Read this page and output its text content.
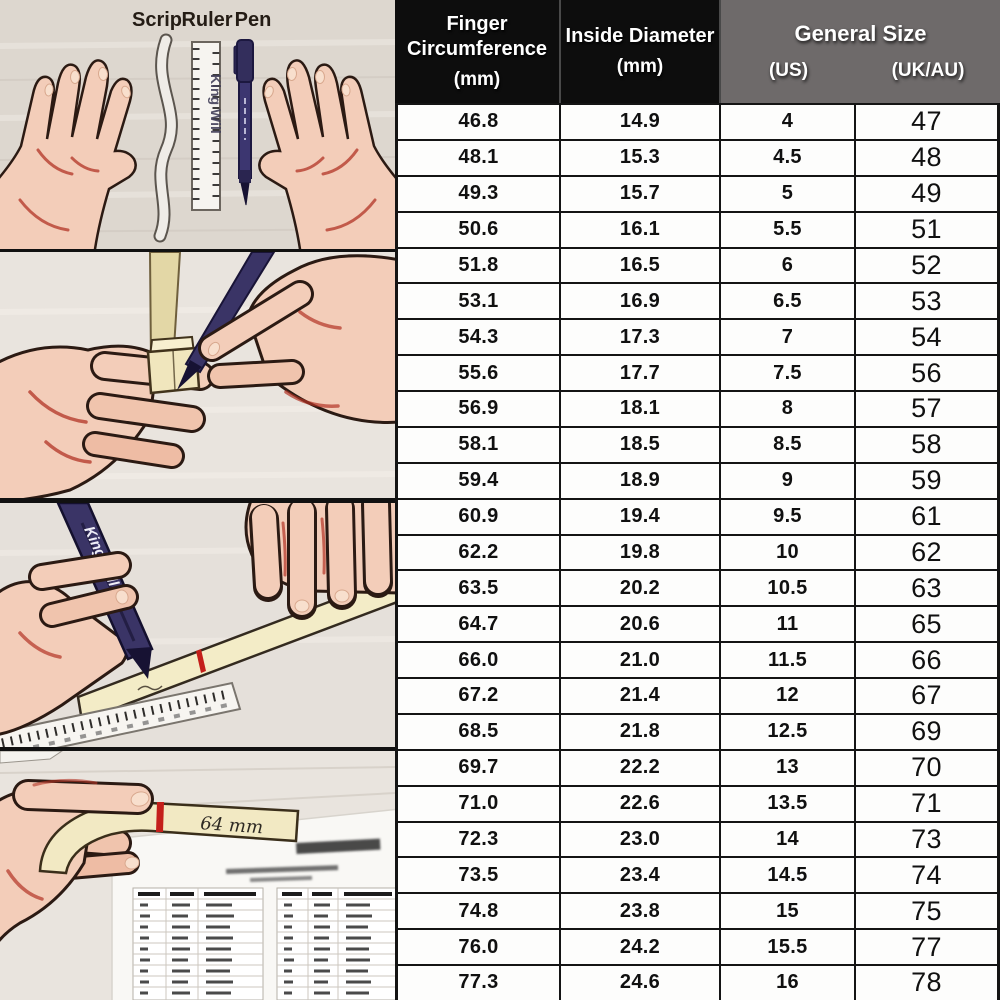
Scrip Ruler Pen
King Will
King
64 mm
Finger
Circumference
(mm)
Inside Diameter
(mm)
General Size
(US)	(UK/AU)
46.8	14.9	4	47
48.1	15.3	4.5	48
49.3	15.7	5	49
50.6	16.1	5.5	51
51.8	16.5	6	52
53.1	16.9	6.5	53
54.3	17.3	7	54
55.6	17.7	7.5	56
56.9	18.1	8	57
58.1	18.5	8.5	58
59.4	18.9	9	59
60.9	19.4	9.5	61
62.2	19.8	10	62
63.5	20.2	10.5	63
64.7	20.6	11	65
66.0	21.0	11.5	66
67.2	21.4	12	67
68.5	21.8	12.5	69
69.7	22.2	13	70
71.0	22.6	13.5	71
72.3	23.0	14	73
73.5	23.4	14.5	74
74.8	23.8	15	75
76.0	24.2	15.5	77
77.3	24.6	16	78
